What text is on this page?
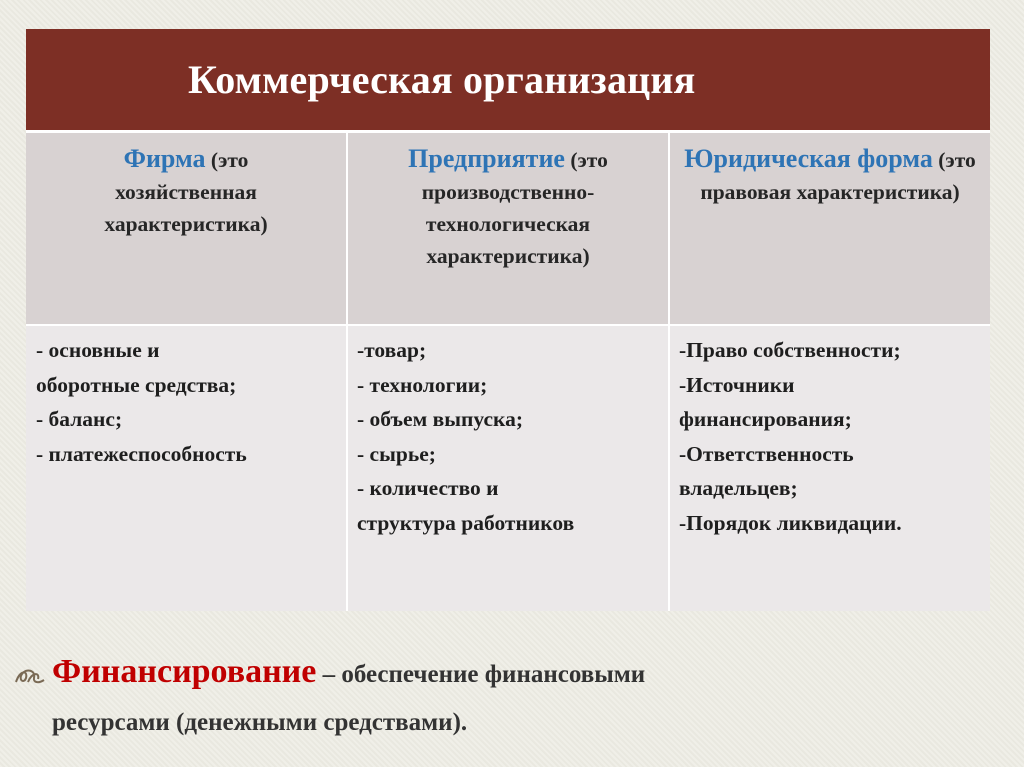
Коммерческая организация
Фирма (это хозяйственная характеристика)
Предприятие (это производственно-технологическая характеристика)
Юридическая форма (это правовая характеристика)
- основные и
оборотные средства;
- баланс;
- платежеспособность
-товар;
- технологии;
- объем выпуска;
- сырье;
- количество и
структура работников
-Право собственности;
-Источники
финансирования;
-Ответственность
владельцев;
-Порядок ликвидации.
Финансирование – обеспечение финансовыми
ресурсами (денежными средствами).
